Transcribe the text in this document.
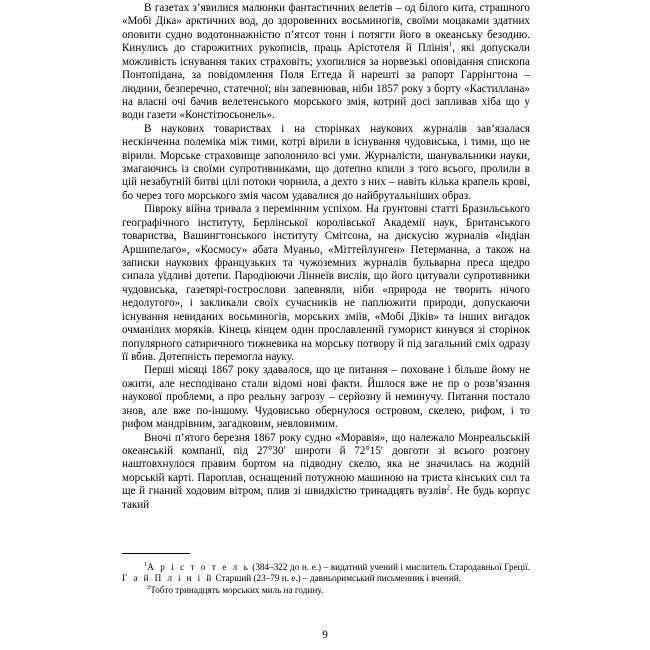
В газетах з’явилися малюнки фантастичних велетів – од білого кита, страшного «Мобі Діка» арктичних вод, до здоровенних восьминогів, своїми моцаками здатних оповити судно водотоннажністю п’ятсот тонн і потягти його в океанську безодню. Кинулись до старожитних рукописів, праць Арістотеля й Плінія$^1$, які допускали можливість існування таких страховіть; ухопилися за норвезькі оповідання спископа Понтопідана, за повідомлення Поля Еггеда й нарешті за рапорт Гаррінгтона – людини, безперечно, статечної; він запевнював, ніби 1857 року з борту «Кастиллана» на власні очі бачив велетенського морського змія, котрий досі запливав хіба що у води газети «Констітюсьонель».

В наукових товариствах і на сторінках наукових журналів зав’язалася нескінченна полеміка між тими, котрі вірили в існування чудовиська, і тими, що не вірили. Морське страховище заполонило всі уми. Журналісти, шанувальники науки, змагаючись із своїми супротивниками, що дотепно кпили з того всього, пролили в цій незабутній битві цілі потоки чорнила, а дехто з них – навіть кілька крапель крові, бо через того морського змія часом удавалися до найбрутальніших образ.

Півроку війна тривала з перемінним успіхом. На ґрунтовні статті Бразильського географічного інституту, Берлінської королівської Академії наук, Британського товариства, Вашингтонського інституту Смітсона, на дискусію журналів «Індіан Аршипелаго», «Космосу» абата Муаньо, «Міттейлунген» Петерманна, а також на записки наукових французьких та чужоземних журналів бульварна преса щедро сипала уїдливі дотепи. Пародіюючи Ліннеїв вислів, що його цитували супротивники чудовиська, газетярі-гострослови запевняли, ніби «природа не творить нічого недолугого», і закликали своїх сучасників не паплюжити природи, допускаючи існування невиданих восьминогів, морських зміїв, «Мобі Діків» та інших вигадок очманілих моряків. Кінець кінцем один прославлений гуморист кинувся зі сторінок популярного сатиричного тижневика на морську потвору й під загальний сміх одразу її вбив. Дотепність перемогла науку.

Перші місяці 1867 року здавалося, що це питання – поховане і більше йому не ожити, але несподівано стали відомі нові факти. Йшлося вже не пр о розв’язання наукової проблеми, а про реальну загрозу – серйозну й неминучу. Питання постало знов, але вже по-іншому. Чудовисько обернулося островом, скелею, рифом, і то рифом мандрівним, загадковим, невловимим.

Вночі п’ятого березня 1867 року судно «Моравія», що належало Монреальській океанській компанії, під 27°30′ широти й 72°15′ довготи зі всього розгону наштовхнулося правим бортом на підводну скелю, яка не значилась на жодній морській карті. Пароплав, оснащений потужною машиною на триста кінських сил та ще й гнаний ходовим вітром, плив зі швидкістю тринадцять вузлів$^2$. Не будь корпус такий

$^1$А р і с т о т е л ь (384–322 до н. е.) – видатний учений і мислитель Стародавньої Греції. Г а й П л і н і й Старший (23–79 н. е.) – давньоримський письменник і вчений.

$^2$Тобто тринадцять морських миль на годину.

9
